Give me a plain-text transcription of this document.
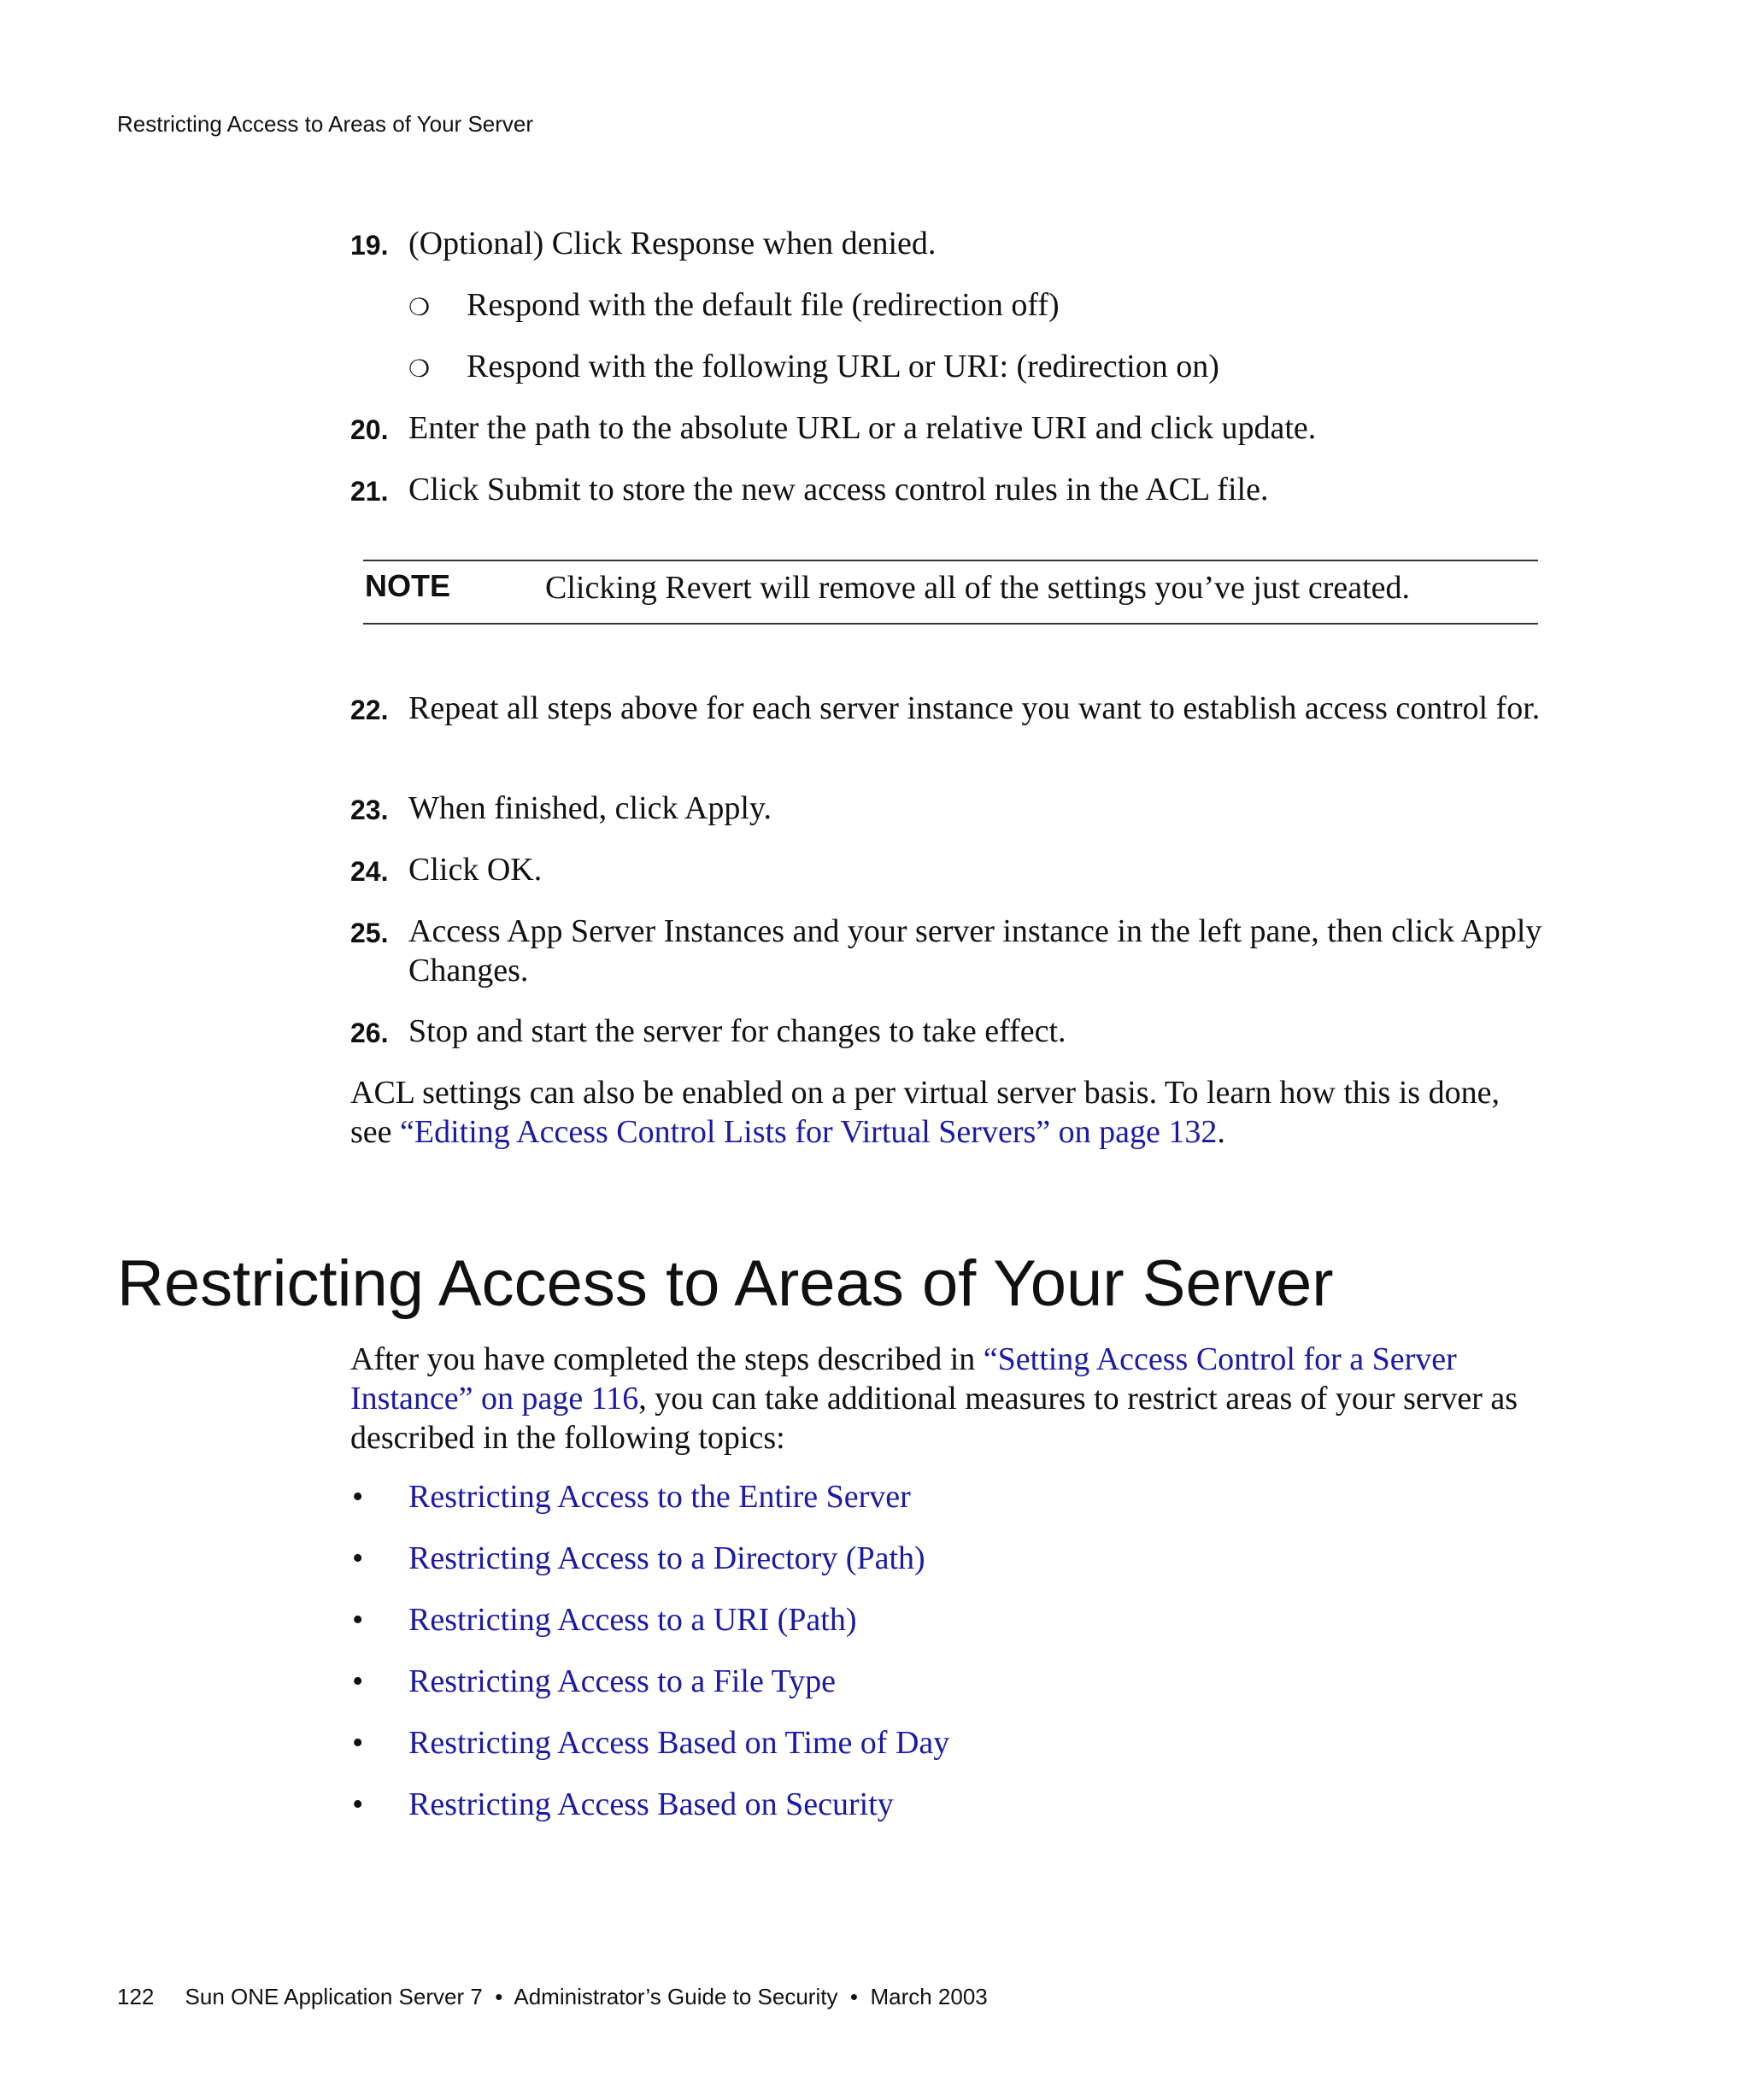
Restricting Access to Areas of Your Server
19. (Optional) Click Response when denied.
❍ Respond with the default file (redirection off)
❍ Respond with the following URL or URI: (redirection on)
20. Enter the path to the absolute URL or a relative URI and click update.
21. Click Submit to store the new access control rules in the ACL file.
NOTE	Clicking Revert will remove all of the settings you’ve just created.
22. Repeat all steps above for each server instance you want to establish access control for.
23. When finished, click Apply.
24. Click OK.
25. Access App Server Instances and your server instance in the left pane, then click Apply Changes.
26. Stop and start the server for changes to take effect.
ACL settings can also be enabled on a per virtual server basis. To learn how this is done, see “Editing Access Control Lists for Virtual Servers” on page 132.
Restricting Access to Areas of Your Server
After you have completed the steps described in “Setting Access Control for a Server Instance” on page 116, you can take additional measures to restrict areas of your server as described in the following topics:
• Restricting Access to the Entire Server
• Restricting Access to a Directory (Path)
• Restricting Access to a URI (Path)
• Restricting Access to a File Type
• Restricting Access Based on Time of Day
• Restricting Access Based on Security
122 Sun ONE Application Server 7  •  Administrator’s Guide to Security  •  March 2003
